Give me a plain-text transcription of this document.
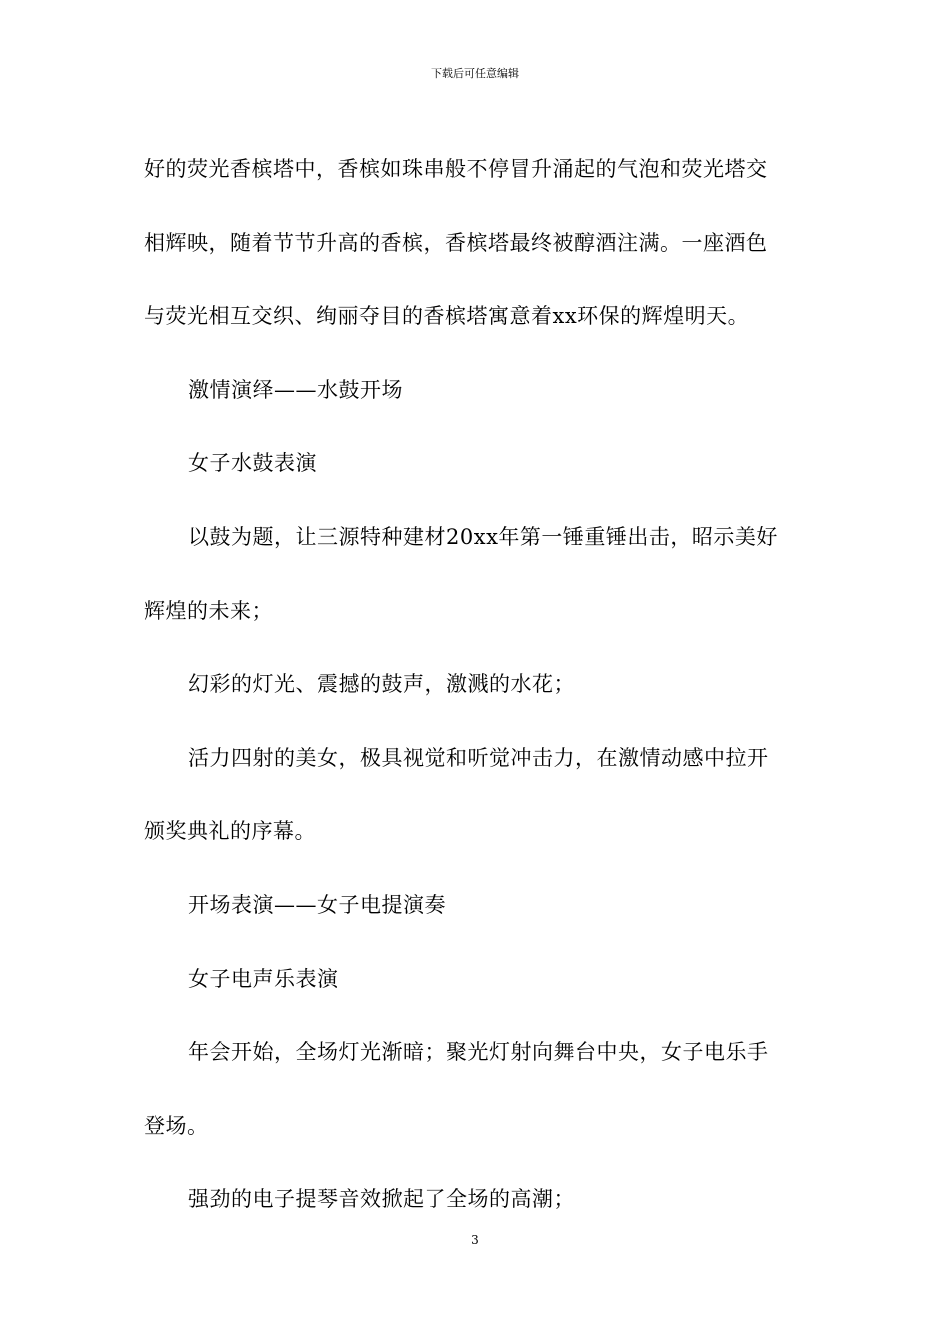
下载后可任意编辑
好的荧光香槟塔中，香槟如珠串般不停冒升涌起的气泡和荧光塔交
相辉映，随着节节升高的香槟，香槟塔最终被醇酒注满。一座酒色
与荧光相互交织、绚丽夺目的香槟塔寓意着xx环保的辉煌明天。
激情演绎——水鼓开场
女子水鼓表演
以鼓为题，让三源特种建材20xx年第一锤重锤出击，昭示美好
辉煌的未来；
幻彩的灯光、震撼的鼓声，激溅的水花；
活力四射的美女，极具视觉和听觉冲击力，在激情动感中拉开
颁奖典礼的序幕。
开场表演——女子电提演奏
女子电声乐表演
年会开始，全场灯光渐暗；聚光灯射向舞台中央，女子电乐手
登场。
强劲的电子提琴音效掀起了全场的高潮；
3
